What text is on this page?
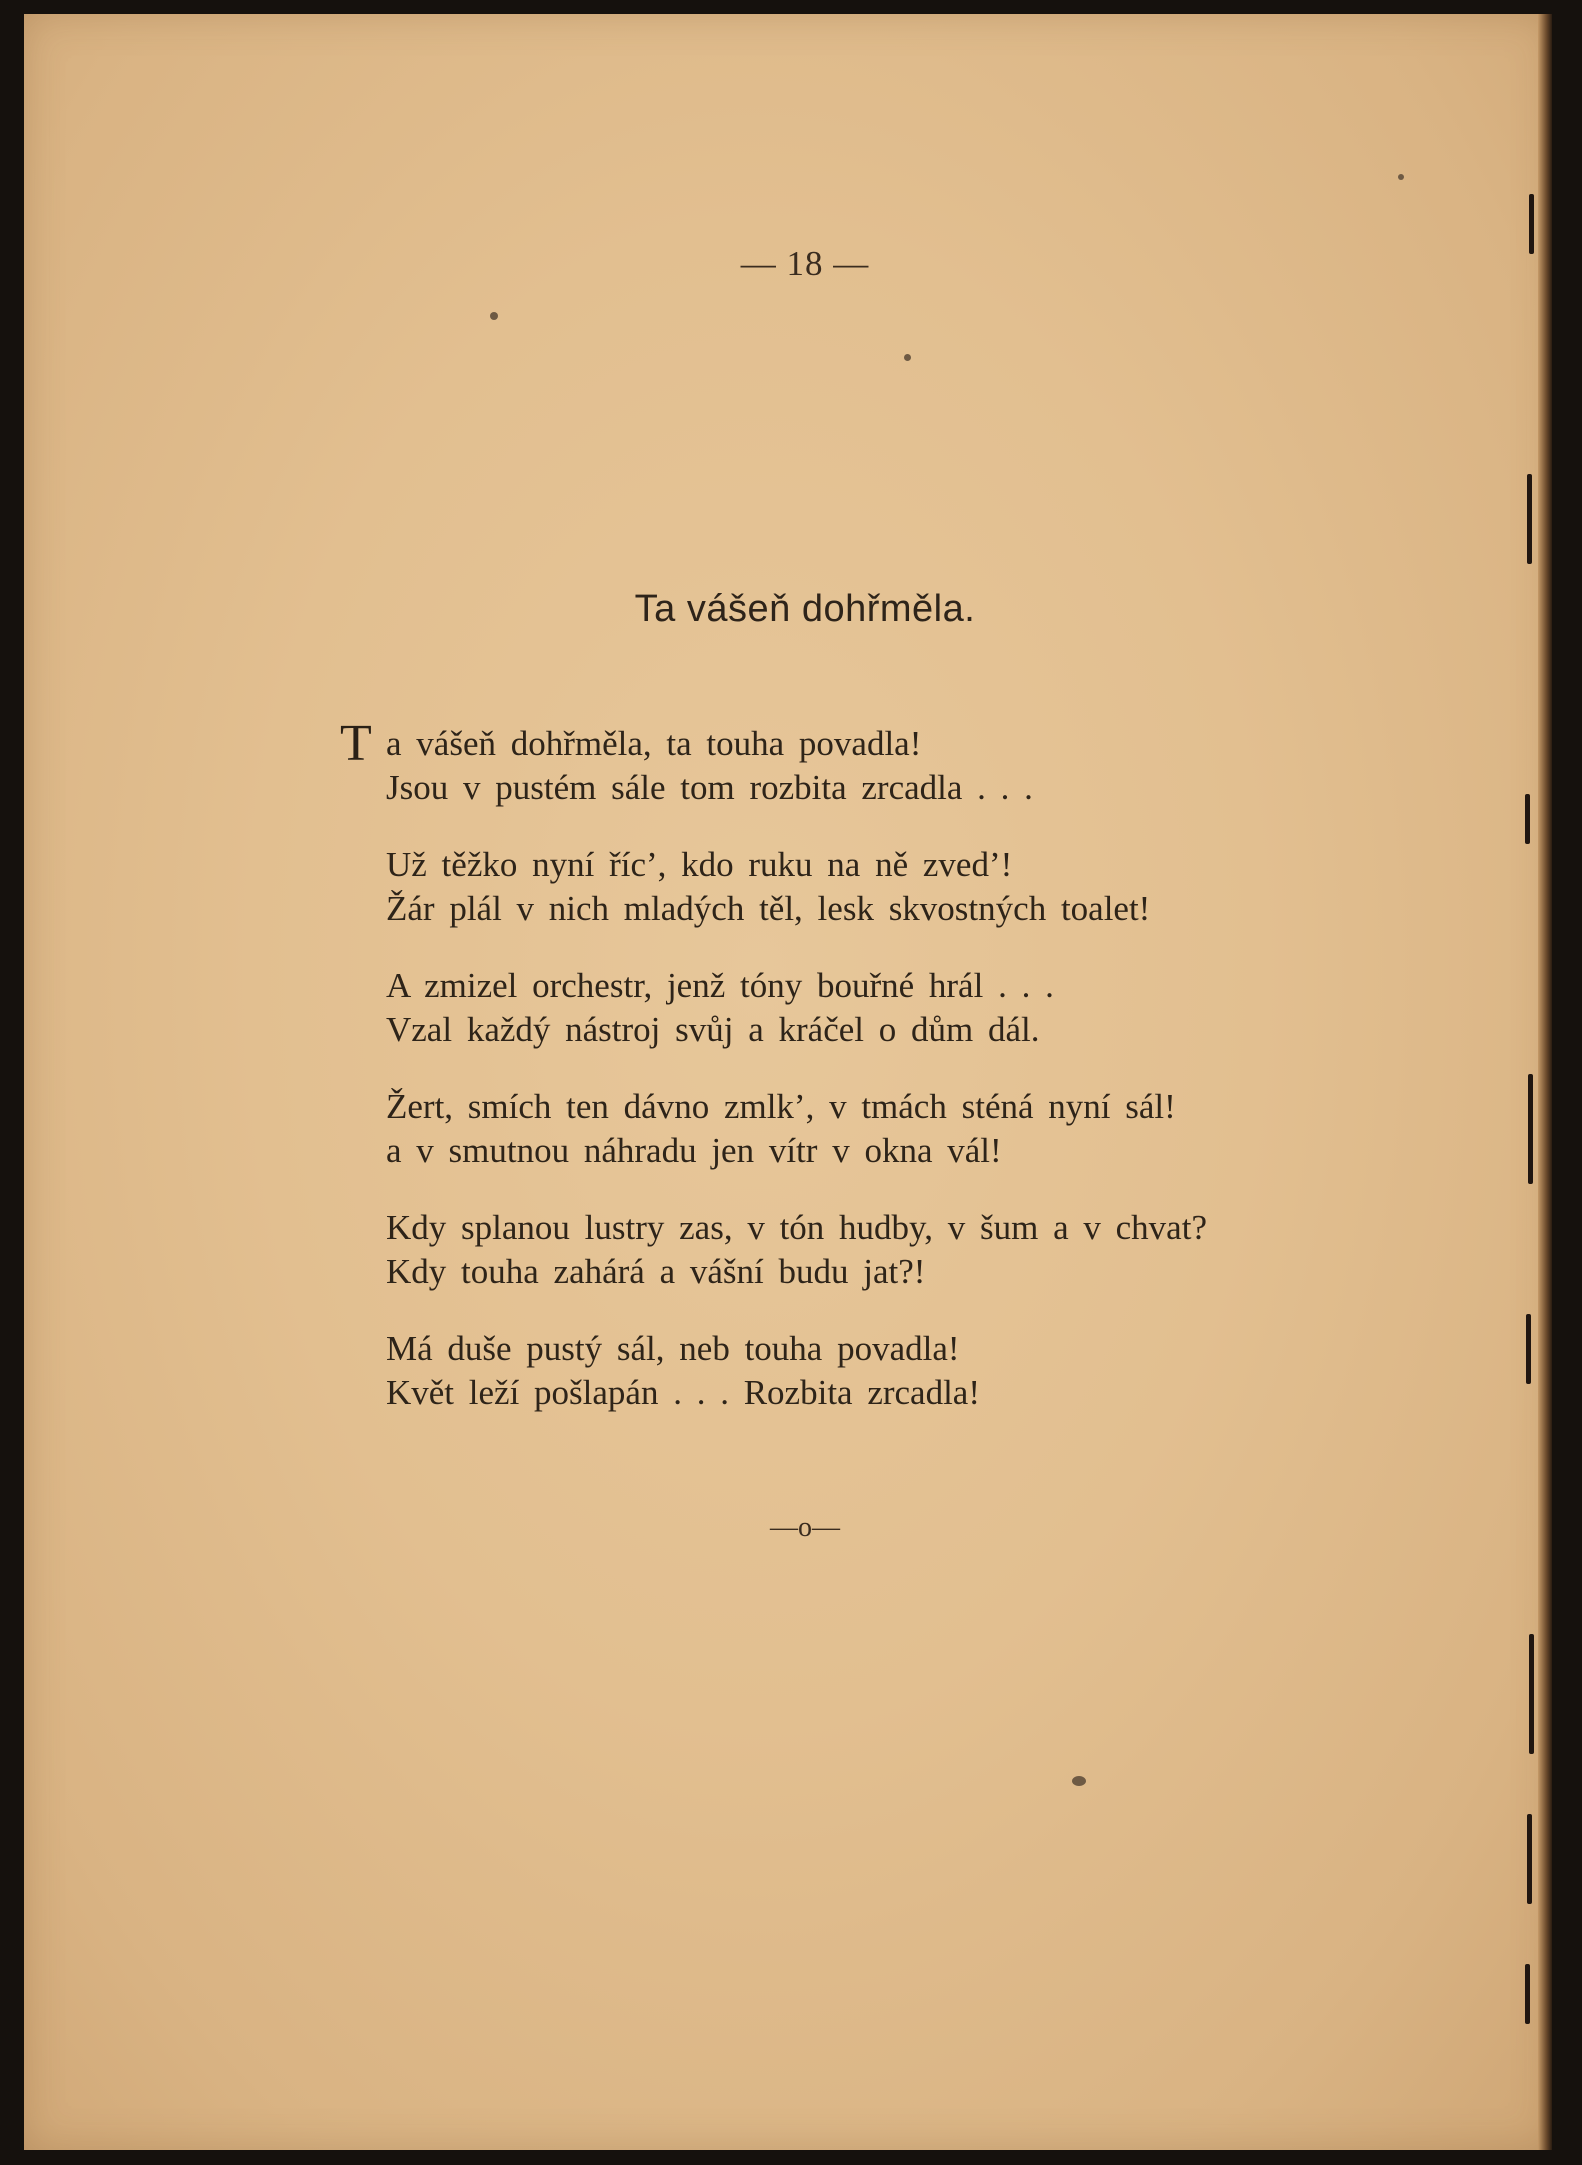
— 18 —
Ta vášeň dohřměla.
T a vášeň dohřměla, ta touha povadla!
Jsou v pustém sále tom rozbita zrcadla . . .
Už těžko nyní říc’, kdo ruku na ně zved’!
Žár plál v nich mladých těl, lesk skvostných toalet!
A zmizel orchestr, jenž tóny bouřné hrál . . .
Vzal každý nástroj svůj a kráčel o dům dál.
Žert, smích ten dávno zmlk’, v tmách sténá nyní sál!
a v smutnou náhradu jen vítr v okna vál!
Kdy splanou lustry zas, v tón hudby, v šum a v chvat?
Kdy touha zahárá a vášní budu jat?!
Má duše pustý sál, neb touha povadla!
Květ leží pošlapán . . . Rozbita zrcadla!
—o—
